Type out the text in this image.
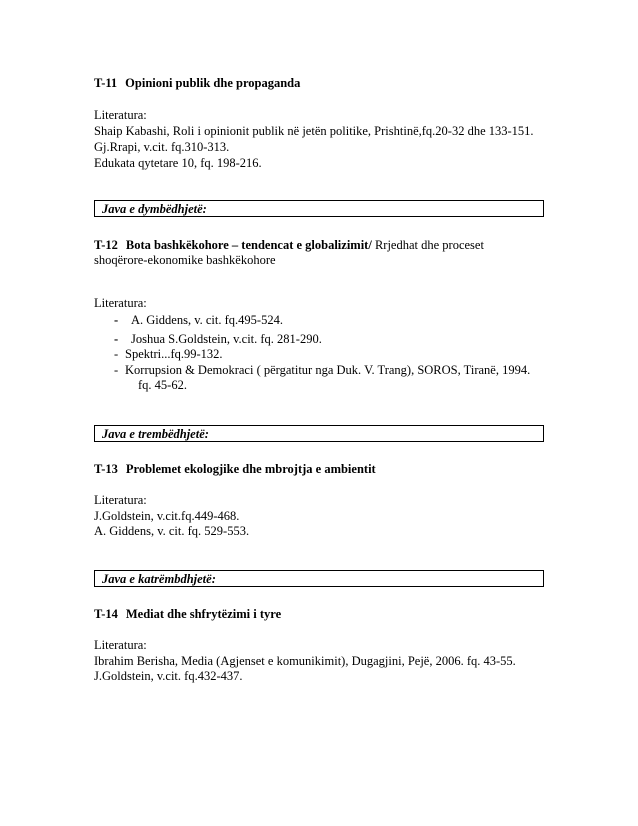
T-11 Opinioni publik dhe propaganda
Literatura:
Shaip Kabashi, Roli i opinionit publik në jetën politike, Prishtinë,fq.20-32 dhe 133-151.
Gj.Rrapi, v.cit. fq.310-313.
Edukata qytetare 10, fq. 198-216.
Java e dymbëdhjetë:
T-12 Bota bashkëkohore – tendencat e globalizimit/ Rrjedhat dhe proceset
shoqërore-ekonomike bashkëkohore
Literatura:
- A. Giddens, v. cit. fq.495-524.
- Joshua S.Goldstein, v.cit. fq. 281-290.
- Spektri...fq.99-132.
- Korrupsion & Demokraci ( përgatitur nga Duk. V. Trang), SOROS, Tiranë, 1994.
fq. 45-62.
Java e trembëdhjetë:
T-13 Problemet ekologjike dhe mbrojtja e ambientit
Literatura:
J.Goldstein, v.cit.fq.449-468.
A. Giddens, v. cit. fq. 529-553.
Java e katrëmbdhjetë:
T-14 Mediat dhe shfrytëzimi i tyre
Literatura:
Ibrahim Berisha, Media (Agjenset e komunikimit), Dugagjini, Pejë, 2006. fq. 43-55.
J.Goldstein, v.cit. fq.432-437.
